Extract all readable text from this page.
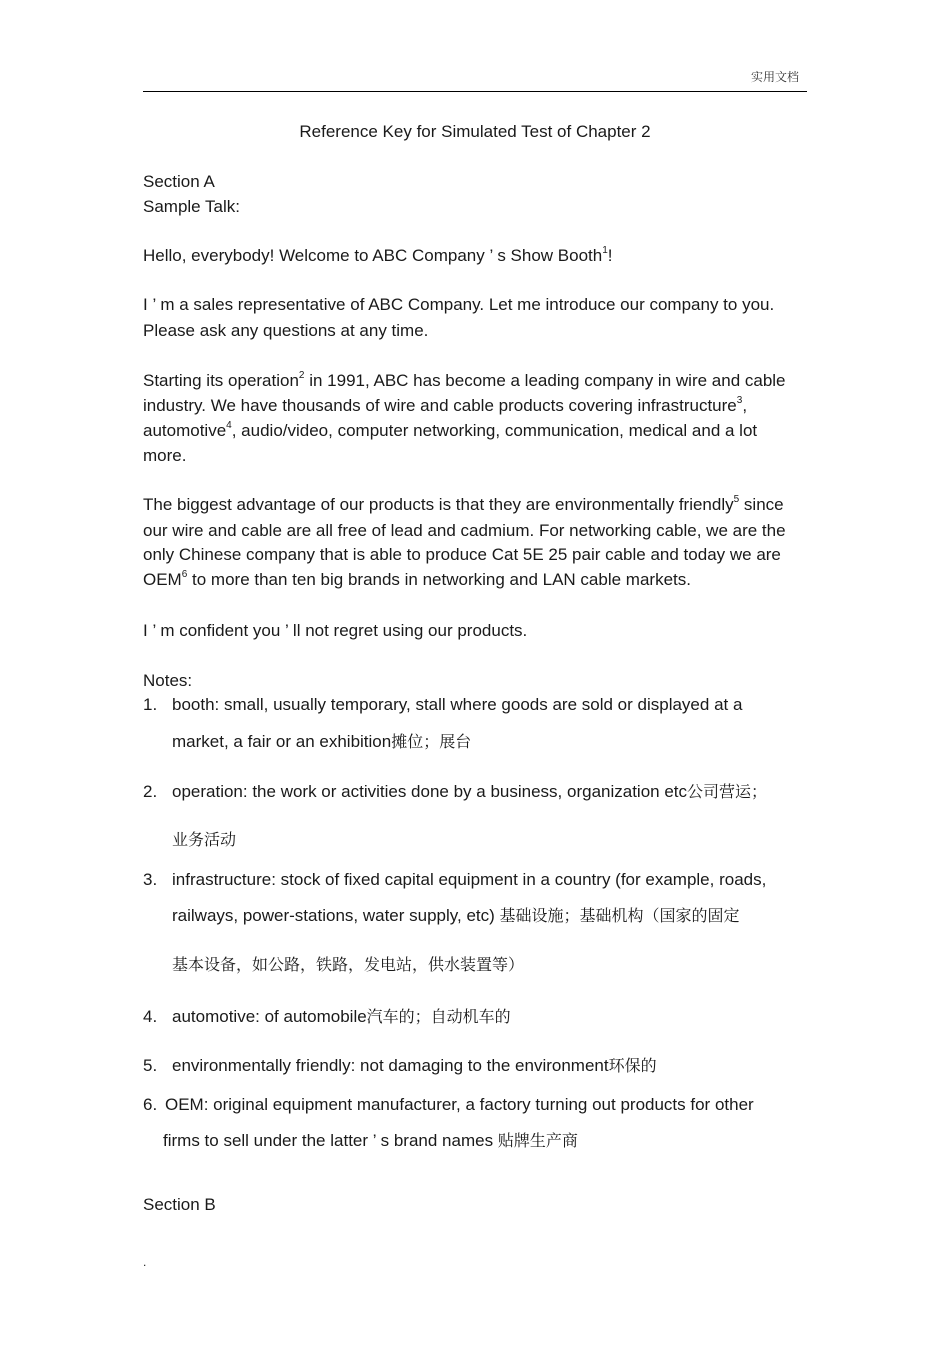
实用文档
Reference Key for Simulated Test of Chapter 2
Section A
Sample Talk:
Hello, everybody! Welcome to ABC Company ’ s Show Booth$^1$!
I ’ m a sales representative of ABC Company. Let me introduce our company to you.
Please ask any questions at any time.
Starting its operation$^2$ in 1991, ABC has become a leading company in wire and cable
industry. We have thousands of wire and cable products covering infrastructure$^3$,
automotive$^4$, audio/video, computer networking, communication, medical and a lot
more.
The biggest advantage of our products is that they are environmentally friendly$^5$ since
our wire and cable are all free of lead and cadmium. For networking cable, we are the
only Chinese company that is able to produce Cat 5E 25 pair cable and today we are
OEM$^6$ to more than ten big brands in networking and LAN cable markets.
I ’ m confident you ’ ll not regret using our products.
Notes:
1. booth: small, usually temporary, stall where goods are sold or displayed at a
market, a fair or an exhibition摊位；展台
2. operation: the work or activities done by a business, organization etc公司营运；
业务活动
3. infrastructure: stock of fixed capital equipment in a country (for example, roads,
railways, power-stations, water supply, etc) 基础设施；基础机构（国家的固定
基本设备，如公路，铁路，发电站，供水装置等）
4. automotive: of automobile汽车的；自动机车的
5. environmentally friendly: not damaging to the environment环保的
6. OEM: original equipment manufacturer, a factory turning out products for other
firms to sell under the latter ’ s brand names 贴牌生产商
Section B
.
